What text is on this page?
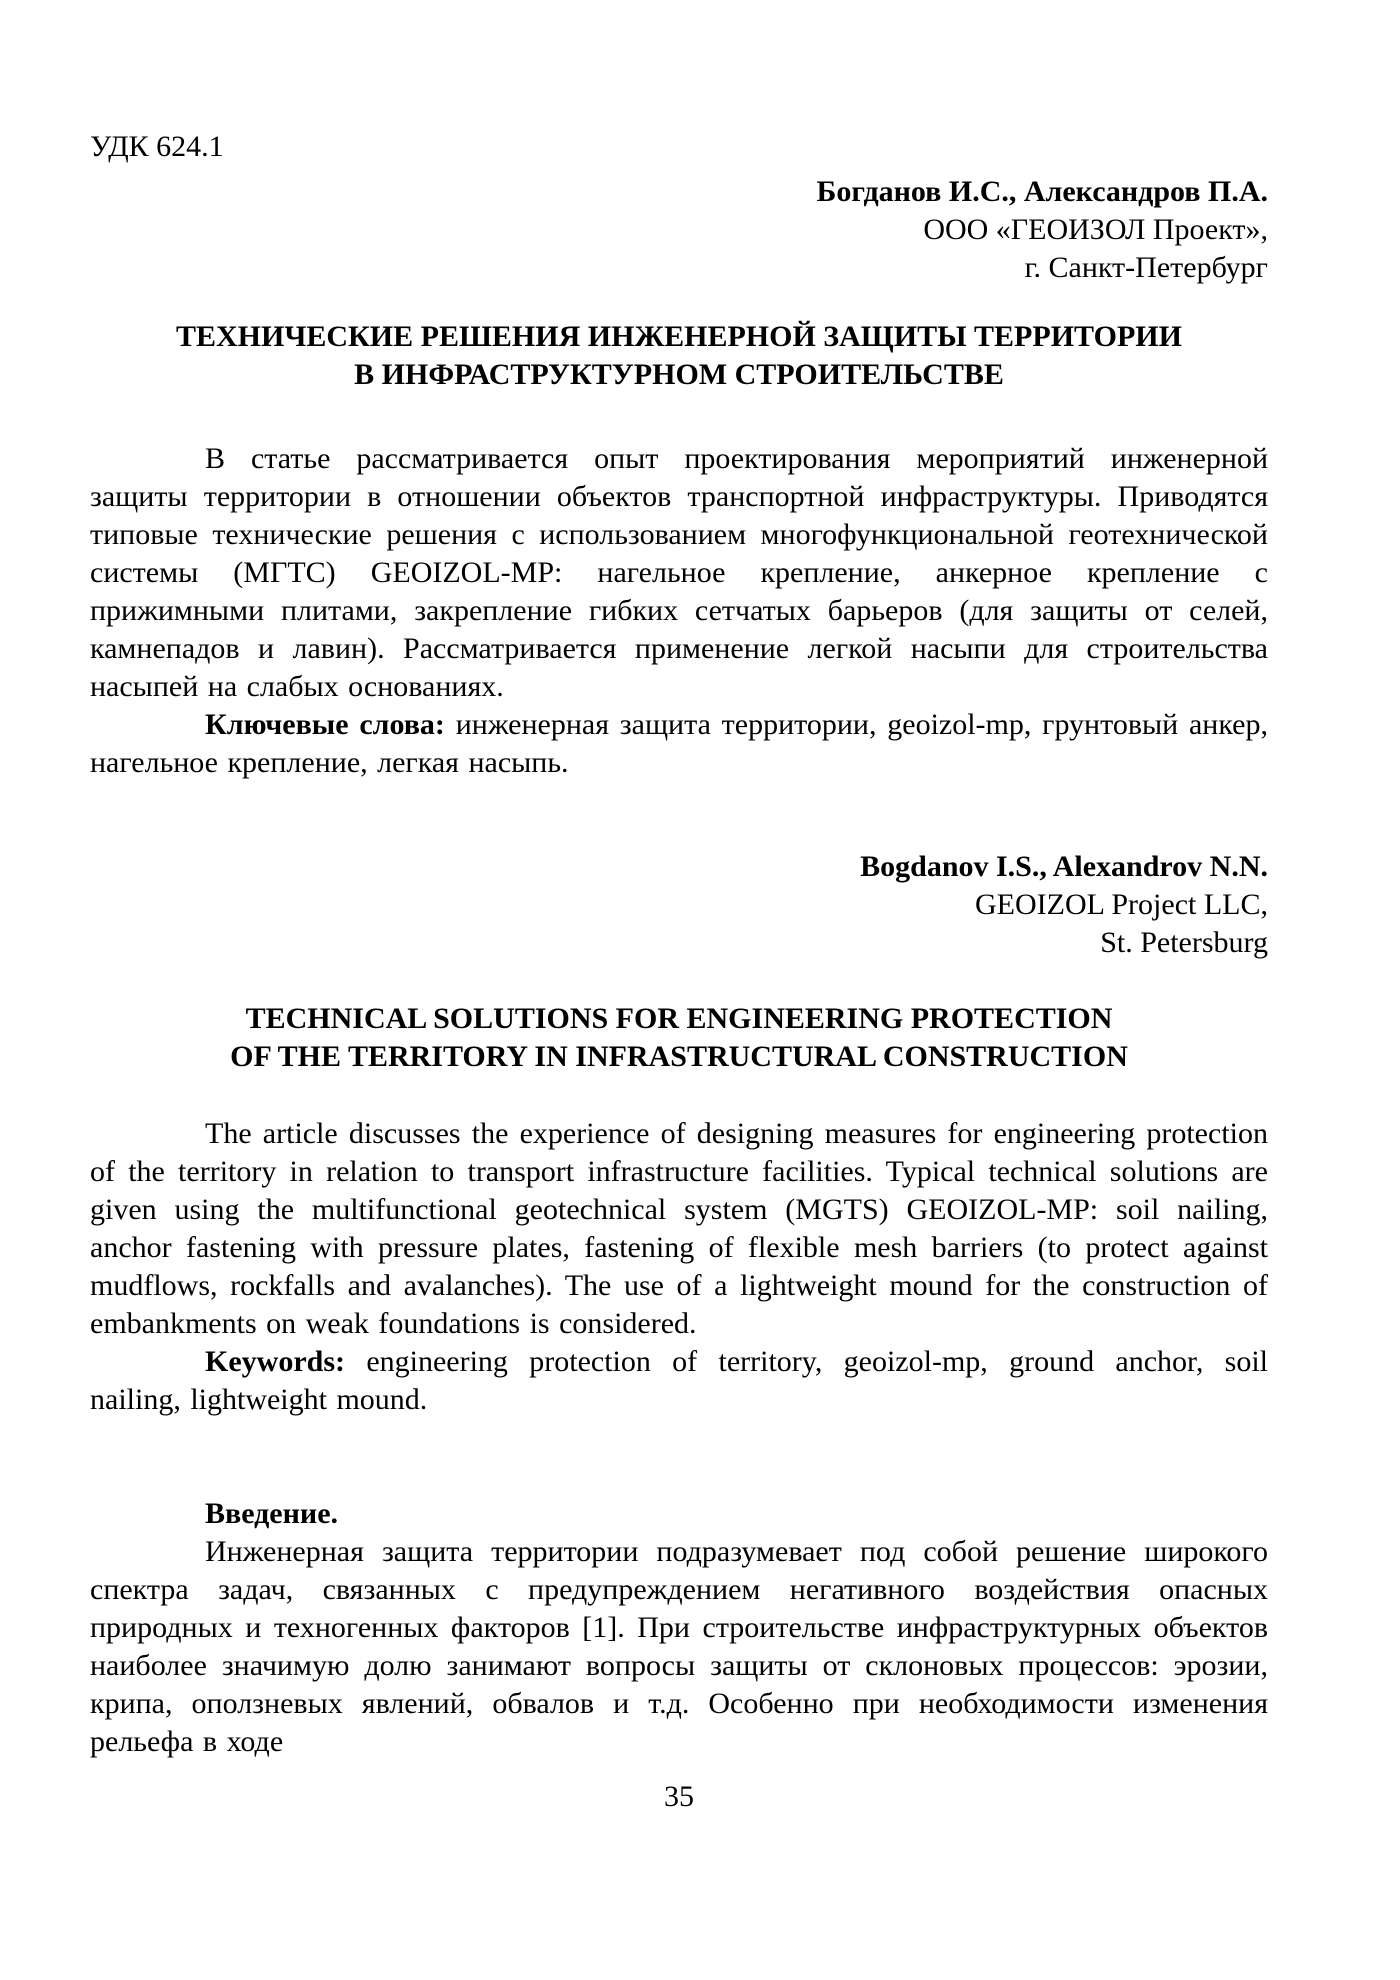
УДК 624.1

Богданов И.С., Александров П.А.

ООО «ГЕОИЗОЛ Проект»,

г. Санкт-Петербург

ТЕХНИЧЕСКИЕ РЕШЕНИЯ ИНЖЕНЕРНОЙ ЗАЩИТЫ ТЕРРИТОРИИ

В ИНФРАСТРУКТУРНОМ СТРОИТЕЛЬСТВЕ

В статье рассматривается опыт проектирования мероприятий инженерной защиты территории в отношении объектов транспортной инфраструктуры. Приводятся типовые технические решения с использованием многофункциональной геотехнической системы (МГТС) GEOIZOL-MP: нагельное крепление, анкерное крепление с прижимными плитами, закрепление гибких сетчатых барьеров (для защиты от селей, камнепадов и лавин). Рассматривается применение легкой насыпи для строительства насыпей на слабых основаниях.

Ключевые слова: инженерная защита территории, geoizol-mp, грунтовый анкер, нагельное крепление, легкая насыпь.

Bogdanov I.S., Alexandrov N.N.

GEOIZOL Project LLC,

St. Petersburg

TECHNICAL SOLUTIONS FOR ENGINEERING PROTECTION

OF THE TERRITORY IN INFRASTRUCTURAL CONSTRUCTION

The article discusses the experience of designing measures for engineering protection of the territory in relation to transport infrastructure facilities. Typical technical solutions are given using the multifunctional geotechnical system (MGTS) GEOIZOL-MP: soil nailing, anchor fastening with pressure plates, fastening of flexible mesh barriers (to protect against mudflows, rockfalls and avalanches). The use of a lightweight mound for the construction of embankments on weak foundations is considered.

Keywords: engineering protection of territory, geoizol-mp, ground anchor, soil nailing, lightweight mound.

Введение.

Инженерная защита территории подразумевает под собой решение широкого спектра задач, связанных с предупреждением негативного воздействия опасных природных и техногенных факторов [1]. При строительстве инфраструктурных объектов наиболее значимую долю занимают вопросы защиты от склоновых процессов: эрозии, крипа, оползневых явлений, обвалов и т.д. Особенно при необходимости изменения рельефа в ходе

35
